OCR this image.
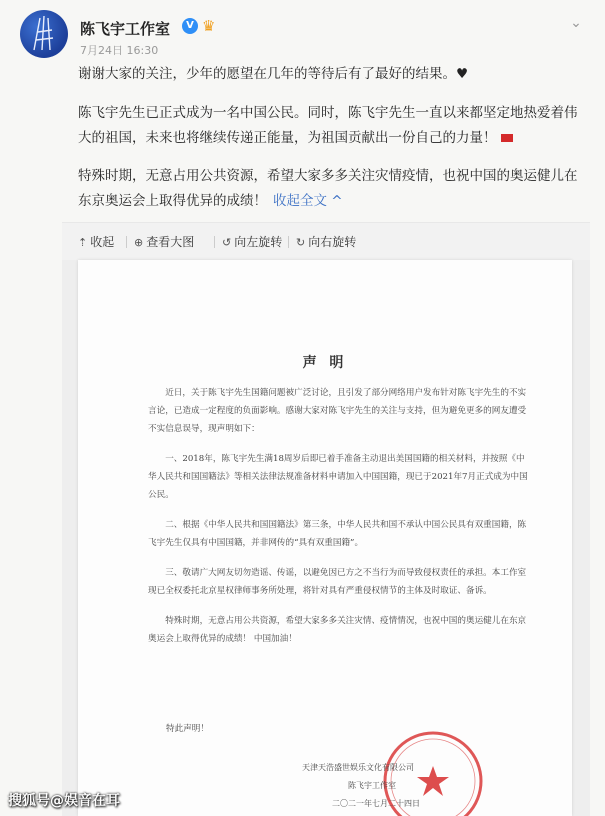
陈飞宇工作室	V ♛
7月24日 16:30
⌄

谢谢大家的关注，少年的愿望在几年的等待后有了最好的结果。♥

陈飞宇先生已正式成为一名中国公民。同时，陈飞宇先生一直以来都坚定地热爱着伟大的祖国，未来也将继续传递正能量，为祖国贡献出一份自己的力量！

特殊时期，无意占用公共资源，希望大家多多关注灾情疫情，也祝中国的奥运健儿在东京奥运会上取得优异的成绩！ 收起全文 ^

⇡ 收起 ⊕ 查看大图	↺ 向左旋转 ↻ 向右旋转
声 明

近日，关于陈飞宇先生国籍问题被广泛讨论，且引发了部分网络用户发布针对陈飞宇先生的不实言论，已造成一定程度的负面影响。感谢大家对陈飞宇先生的关注与支持，但为避免更多的网友遭受不实信息误导，现声明如下：

一、2018年，陈飞宇先生满18周岁后即已着手准备主动退出美国国籍的相关材料，并按照《中华人民共和国国籍法》等相关法律法规准备材料申请加入中国国籍，现已于2021年7月正式成为中国公民。

二、根据《中华人民共和国国籍法》第三条，中华人民共和国不承认中国公民具有双重国籍，陈飞宇先生仅具有中国国籍，并非网传的“具有双重国籍”。

三、敬请广大网友切勿造谣、传谣，以避免因已方之不当行为而导致侵权责任的承担。本工作室现已全权委托北京星权律师事务所处理，将针对具有严重侵权情节的主体及时取证、备诉。

特殊时期，无意占用公共资源，希望大家多多关注灾情、疫情情况，也祝中国的奥运健儿在东京奥运会上取得优异的成绩！ 中国加油！

特此声明！
天津天浩盛世娱乐文化有限公司
陈飞宇工作室
二〇二一年七月二十四日
搜狐号@娱音在耳
